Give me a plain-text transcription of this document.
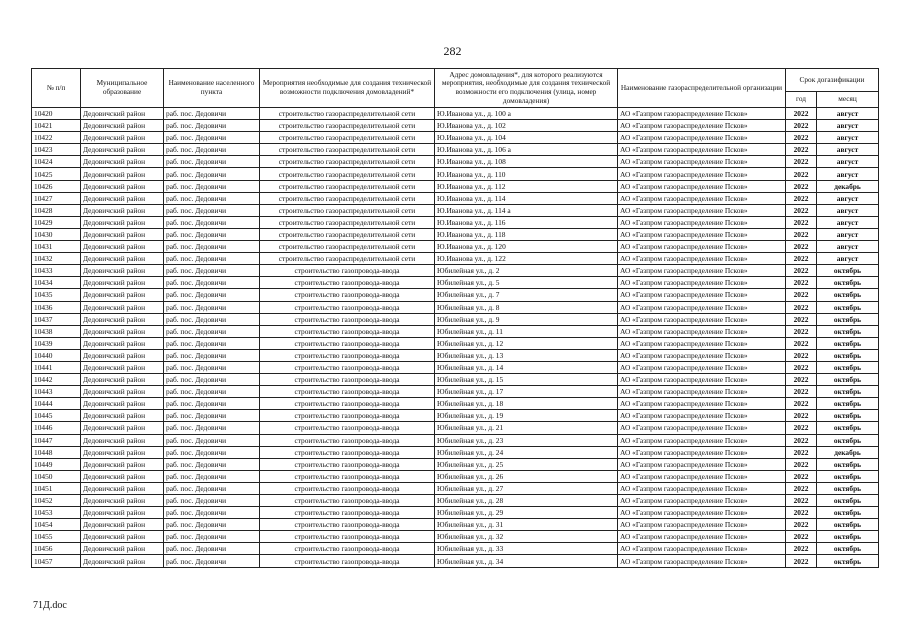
282
№ п/п	Муниципальное образование	Наименование населенного пункта	Мероприятия необходимые для создания технической возможности подключения домовладений*	Адрес домовладения*, для которого реализуются мероприятия, необходимые для создания технической возможности его подключения (улица, номер домовладения)	Наименование газораспределительной организации	Срок догазификации	
						год	месяц
10420	Дедовичский район	раб. пос. Дедовичи	строительство газораспределительной сети	Ю.Иванова ул., д. 100 а	АО «Газпром газораспределение Псков»	2022	август
10421	Дедовичский район	раб. пос. Дедовичи	строительство газораспределительной сети	Ю.Иванова ул., д. 102	АО «Газпром газораспределение Псков»	2022	август
10422	Дедовичский район	раб. пос. Дедовичи	строительство газораспределительной сети	Ю.Иванова ул., д. 104	АО «Газпром газораспределение Псков»	2022	август
10423	Дедовичский район	раб. пос. Дедовичи	строительство газораспределительной сети	Ю.Иванова ул., д. 106 а	АО «Газпром газораспределение Псков»	2022	август
10424	Дедовичский район	раб. пос. Дедовичи	строительство газораспределительной сети	Ю.Иванова ул., д. 108	АО «Газпром газораспределение Псков»	2022	август
10425	Дедовичский район	раб. пос. Дедовичи	строительство газораспределительной сети	Ю.Иванова ул., д. 110	АО «Газпром газораспределение Псков»	2022	август
10426	Дедовичский район	раб. пос. Дедовичи	строительство газораспределительной сети	Ю.Иванова ул., д. 112	АО «Газпром газораспределение Псков»	2022	декабрь
10427	Дедовичский район	раб. пос. Дедовичи	строительство газораспределительной сети	Ю.Иванова ул., д. 114	АО «Газпром газораспределение Псков»	2022	август
10428	Дедовичский район	раб. пос. Дедовичи	строительство газораспределительной сети	Ю.Иванова ул., д. 114 а	АО «Газпром газораспределение Псков»	2022	август
10429	Дедовичский район	раб. пос. Дедовичи	строительство газораспределительной сети	Ю.Иванова ул., д. 116	АО «Газпром газораспределение Псков»	2022	август
10430	Дедовичский район	раб. пос. Дедовичи	строительство газораспределительной сети	Ю.Иванова ул., д. 118	АО «Газпром газораспределение Псков»	2022	август
10431	Дедовичский район	раб. пос. Дедовичи	строительство газораспределительной сети	Ю.Иванова ул., д. 120	АО «Газпром газораспределение Псков»	2022	август
10432	Дедовичский район	раб. пос. Дедовичи	строительство газораспределительной сети	Ю.Иванова ул., д. 122	АО «Газпром газораспределение Псков»	2022	август
10433	Дедовичский район	раб. пос. Дедовичи	строительство газопровода-ввода	Юбилейная ул., д. 2	АО «Газпром газораспределение Псков»	2022	октябрь
10434	Дедовичский район	раб. пос. Дедовичи	строительство газопровода-ввода	Юбилейная ул., д. 5	АО «Газпром газораспределение Псков»	2022	октябрь
10435	Дедовичский район	раб. пос. Дедовичи	строительство газопровода-ввода	Юбилейная ул., д. 7	АО «Газпром газораспределение Псков»	2022	октябрь
10436	Дедовичский район	раб. пос. Дедовичи	строительство газопровода-ввода	Юбилейная ул., д. 8	АО «Газпром газораспределение Псков»	2022	октябрь
10437	Дедовичский район	раб. пос. Дедовичи	строительство газопровода-ввода	Юбилейная ул., д. 9	АО «Газпром газораспределение Псков»	2022	октябрь
10438	Дедовичский район	раб. пос. Дедовичи	строительство газопровода-ввода	Юбилейная ул., д. 11	АО «Газпром газораспределение Псков»	2022	октябрь
10439	Дедовичский район	раб. пос. Дедовичи	строительство газопровода-ввода	Юбилейная ул., д. 12	АО «Газпром газораспределение Псков»	2022	октябрь
10440	Дедовичский район	раб. пос. Дедовичи	строительство газопровода-ввода	Юбилейная ул., д. 13	АО «Газпром газораспределение Псков»	2022	октябрь
10441	Дедовичский район	раб. пос. Дедовичи	строительство газопровода-ввода	Юбилейная ул., д. 14	АО «Газпром газораспределение Псков»	2022	октябрь
10442	Дедовичский район	раб. пос. Дедовичи	строительство газопровода-ввода	Юбилейная ул., д. 15	АО «Газпром газораспределение Псков»	2022	октябрь
10443	Дедовичский район	раб. пос. Дедовичи	строительство газопровода-ввода	Юбилейная ул., д. 17	АО «Газпром газораспределение Псков»	2022	октябрь
10444	Дедовичский район	раб. пос. Дедовичи	строительство газопровода-ввода	Юбилейная ул., д. 18	АО «Газпром газораспределение Псков»	2022	октябрь
10445	Дедовичский район	раб. пос. Дедовичи	строительство газопровода-ввода	Юбилейная ул., д. 19	АО «Газпром газораспределение Псков»	2022	октябрь
10446	Дедовичский район	раб. пос. Дедовичи	строительство газопровода-ввода	Юбилейная ул., д. 21	АО «Газпром газораспределение Псков»	2022	октябрь
10447	Дедовичский район	раб. пос. Дедовичи	строительство газопровода-ввода	Юбилейная ул., д. 23	АО «Газпром газораспределение Псков»	2022	октябрь
10448	Дедовичский район	раб. пос. Дедовичи	строительство газопровода-ввода	Юбилейная ул., д. 24	АО «Газпром газораспределение Псков»	2022	декабрь
10449	Дедовичский район	раб. пос. Дедовичи	строительство газопровода-ввода	Юбилейная ул., д. 25	АО «Газпром газораспределение Псков»	2022	октябрь
10450	Дедовичский район	раб. пос. Дедовичи	строительство газопровода-ввода	Юбилейная ул., д. 26	АО «Газпром газораспределение Псков»	2022	октябрь
10451	Дедовичский район	раб. пос. Дедовичи	строительство газопровода-ввода	Юбилейная ул., д. 27	АО «Газпром газораспределение Псков»	2022	октябрь
10452	Дедовичский район	раб. пос. Дедовичи	строительство газопровода-ввода	Юбилейная ул., д. 28	АО «Газпром газораспределение Псков»	2022	октябрь
10453	Дедовичский район	раб. пос. Дедовичи	строительство газопровода-ввода	Юбилейная ул., д. 29	АО «Газпром газораспределение Псков»	2022	октябрь
10454	Дедовичский район	раб. пос. Дедовичи	строительство газопровода-ввода	Юбилейная ул., д. 31	АО «Газпром газораспределение Псков»	2022	октябрь
10455	Дедовичский район	раб. пос. Дедовичи	строительство газопровода-ввода	Юбилейная ул., д. 32	АО «Газпром газораспределение Псков»	2022	октябрь
10456	Дедовичский район	раб. пос. Дедовичи	строительство газопровода-ввода	Юбилейная ул., д. 33	АО «Газпром газораспределение Псков»	2022	октябрь
10457	Дедовичский район	раб. пос. Дедовичи	строительство газопровода-ввода	Юбилейная ул., д. 34	АО «Газпром газораспределение Псков»	2022	октябрь
71Д.doc
